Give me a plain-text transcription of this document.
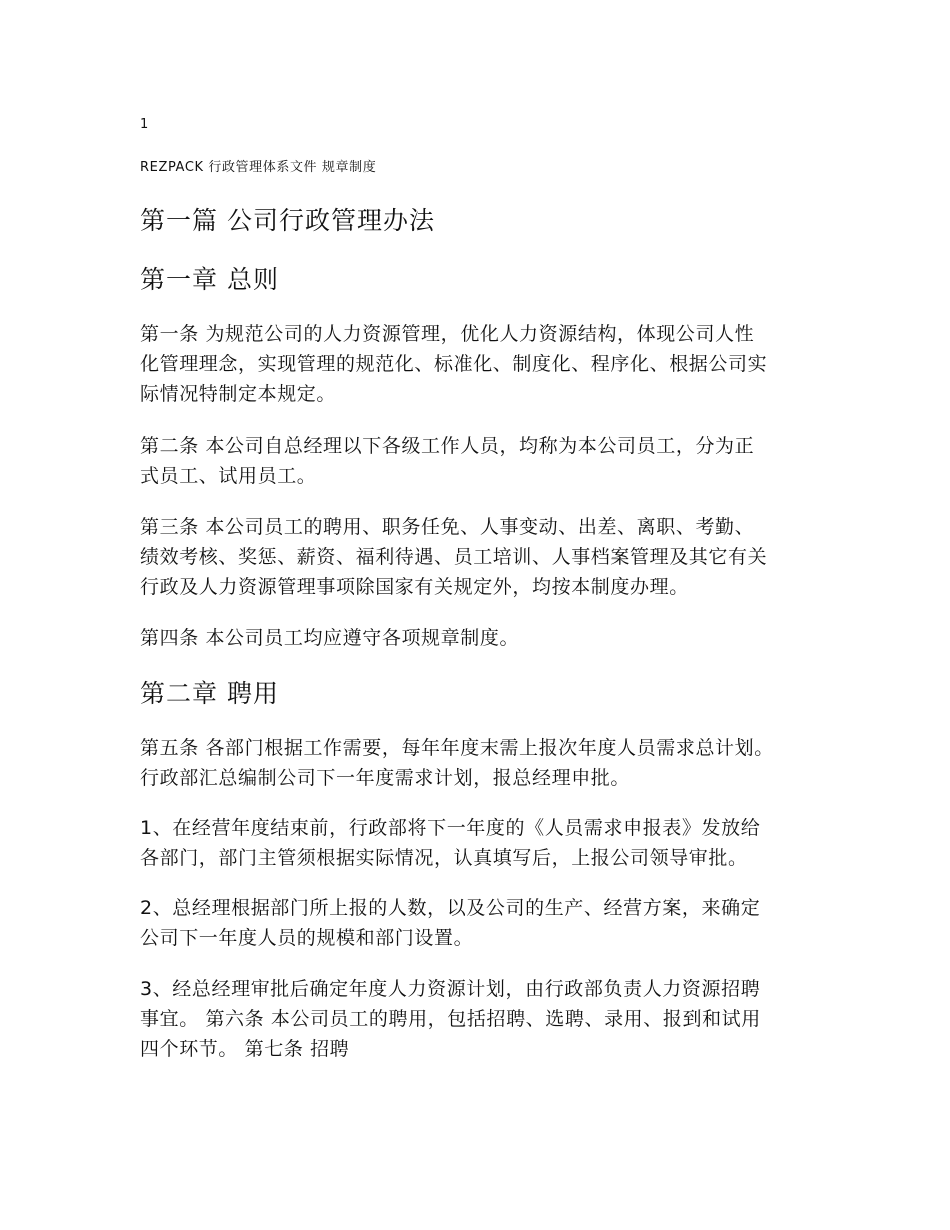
1
REZPACK 行政管理体系文件 规章制度
第一篇 公司行政管理办法
第一章 总则
第一条 为规范公司的人力资源管理，优化人力资源结构，体现公司人性
化管理理念，实现管理的规范化、标准化、制度化、程序化、根据公司实
际情况特制定本规定。
第二条 本公司自总经理以下各级工作人员，均称为本公司员工，分为正
式员工、试用员工。
第三条 本公司员工的聘用、职务任免、人事变动、出差、离职、考勤、
绩效考核、奖惩、薪资、福利待遇、员工培训、人事档案管理及其它有关
行政及人力资源管理事项除国家有关规定外，均按本制度办理。
第四条 本公司员工均应遵守各项规章制度。
第二章 聘用
第五条 各部门根据工作需要，每年年度末需上报次年度人员需求总计划。
行政部汇总编制公司下一年度需求计划，报总经理申批。
1、在经营年度结束前，行政部将下一年度的《人员需求申报表》发放给
各部门，部门主管须根据实际情况，认真填写后，上报公司领导审批。
2、总经理根据部门所上报的人数，以及公司的生产、经营方案，来确定
公司下一年度人员的规模和部门设置。
3、经总经理审批后确定年度人力资源计划，由行政部负责人力资源招聘
事宜。 第六条 本公司员工的聘用，包括招聘、选聘、录用、报到和试用
四个环节。 第七条 招聘
